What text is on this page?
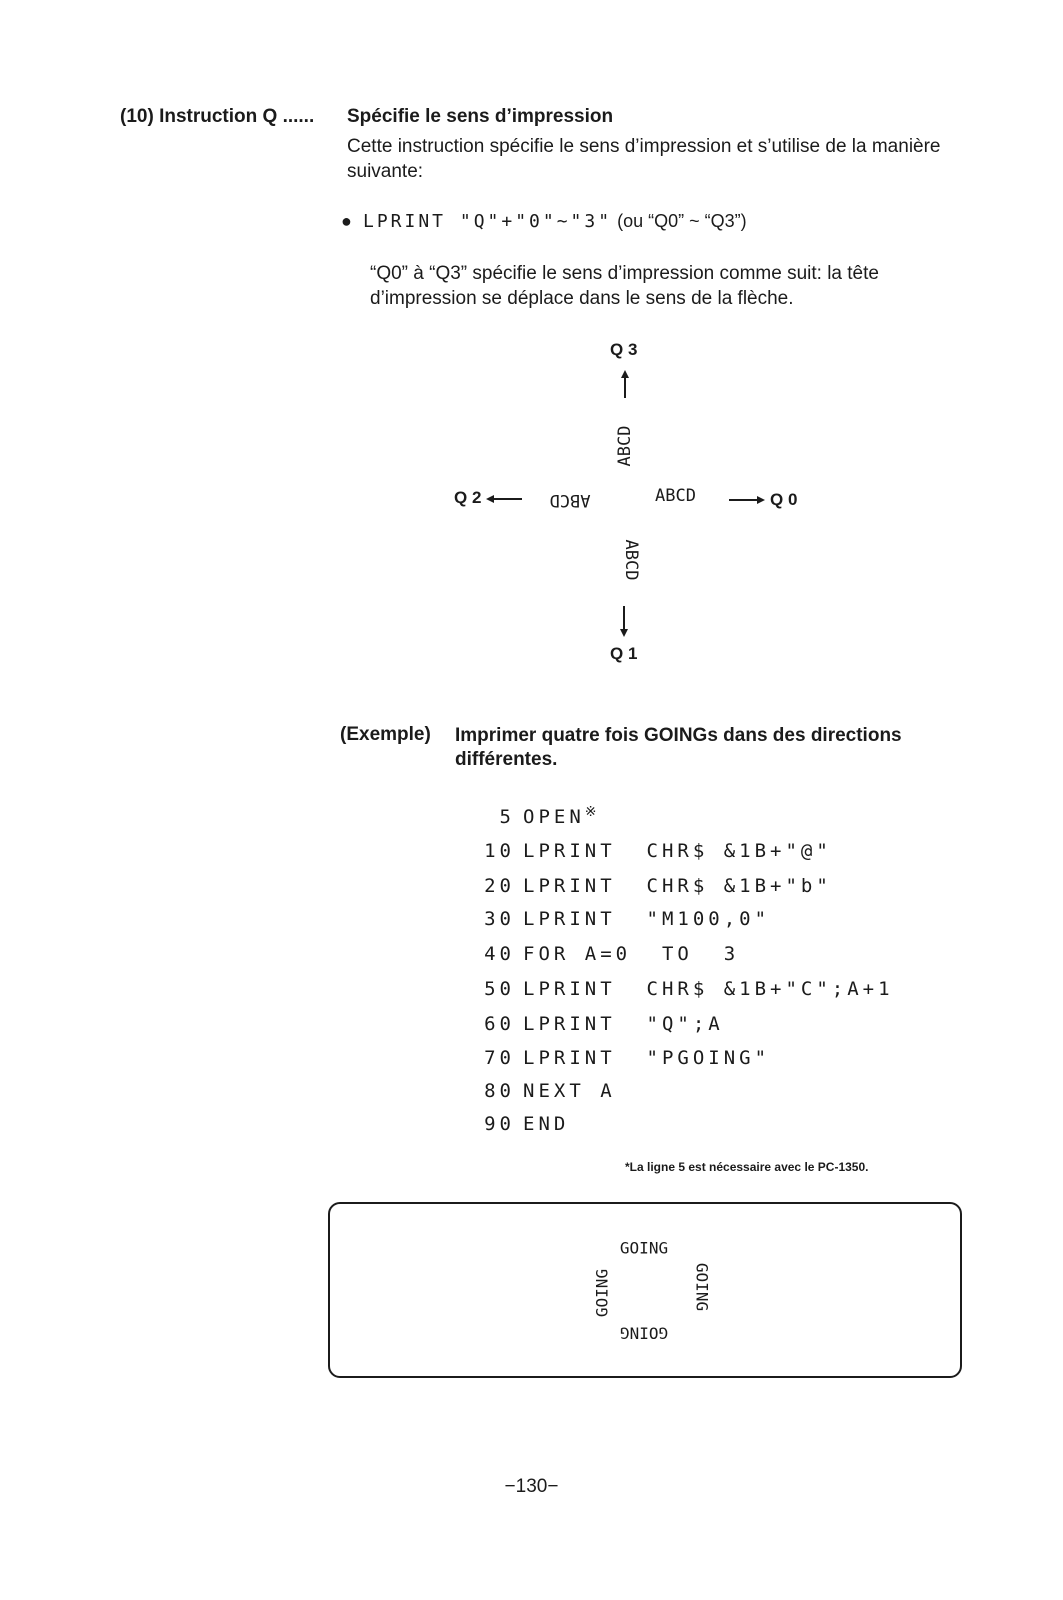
(10) Instruction Q ...... Spécifie le sens d’impression
Cette instruction spécifie le sens d’impression et s’utilise de la manière suivante:
● LPRINT "Q"+"0"~"3" (ou “Q0” ~ “Q3”)
“Q0” à “Q3” spécifie le sens d’impression comme suit: la tête d’impression se déplace dans le sens de la flèche.
Q 3
ABCD
ABCD	Q 0
Q 2	ABCD
ABCD
Q 1
(Exemple) Imprimer quatre fois GOINGs dans des directions différentes.
5 OPEN※
10 LPRINT  CHR$ &1B+"@"
20 LPRINT  CHR$ &1B+"b"
30 LPRINT  "M100,0"
40 FOR A=0  TO  3
50 LPRINT  CHR$ &1B+"C";A+1
60 LPRINT  "Q";A
70 LPRINT  "PGOING"
80 NEXT A
90 END
*La ligne 5 est nécessaire avec le PC-1350.
GOING
GOING
GOING
GOING
−130−
